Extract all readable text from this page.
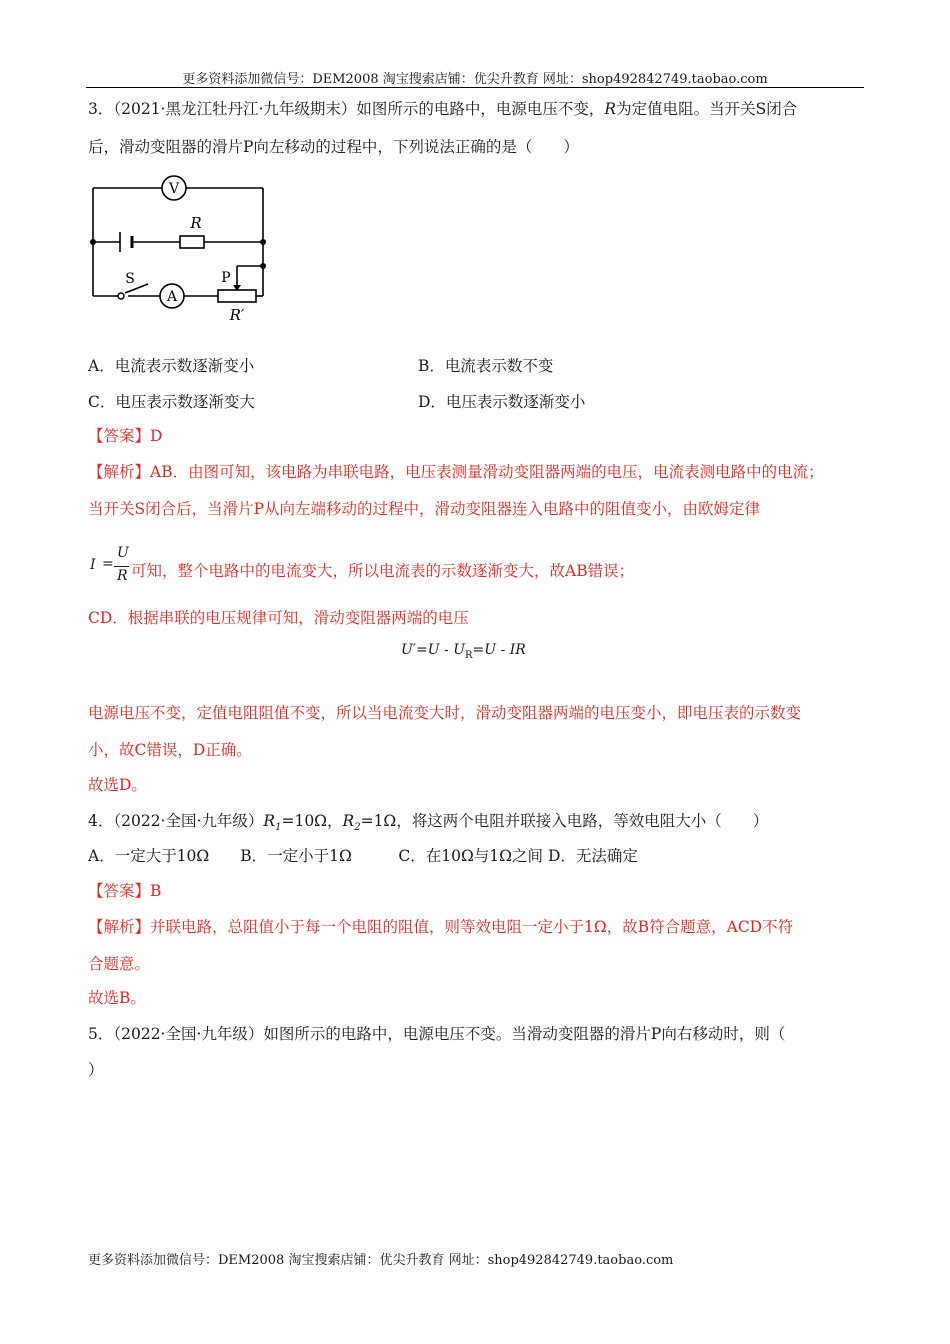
更多资料添加微信号：DEM2008 淘宝搜索店铺：优尖升教育 网址：shop492842749.taobao.com
3．（2021·黑龙江牡丹江·九年级期末）如图所示的电路中，电源电压不变，R为定值电阻。当开关S闭合
后，滑动变阻器的滑片P向左移动的过程中，下列说法正确的是（　　）
V
R
S
A
P
R′
A．电流表示数逐渐变小	B．电流表示数不变
C．电压表示数逐渐变大	D．电压表示数逐渐变小
【答案】D
【解析】AB．由图可知，该电路为串联电路，电压表测量滑动变阻器两端的电压，电流表测电路中的电流；
当开关S闭合后，当滑片P从向左端移动的过程中，滑动变阻器连入电路中的阻值变小，由欧姆定律
I =
U
R 可知，整个电路中的电流变大，所以电流表的示数逐渐变大，故AB错误；
CD．根据串联的电压规律可知，滑动变阻器两端的电压
$U'=U - U_R=U$ - IR
电源电压不变，定值电阻阻值不变，所以当电流变大时，滑动变阻器两端的电压变小，即电压表的示数变
小，故C错误，D正确。
故选D。
4．（2022·全国·九年级）$R_1=10\Omega$，$R_2=1\Omega$，将这两个电阻并联接入电路，等效电阻大小（　　）
A．一定大于10Ω　　B．一定小于1Ω　　　C．在10Ω与1Ω之间 D．无法确定
【答案】B
【解析】并联电路，总阻值小于每一个电阻的阻值，则等效电阻一定小于1Ω，故B符合题意，ACD不符
合题意。
故选B。
5．（2022·全国·九年级）如图所示的电路中，电源电压不变。当滑动变阻器的滑片P向右移动时，则（
）
更多资料添加微信号：DEM2008 淘宝搜索店铺：优尖升教育 网址：shop492842749.taobao.com
